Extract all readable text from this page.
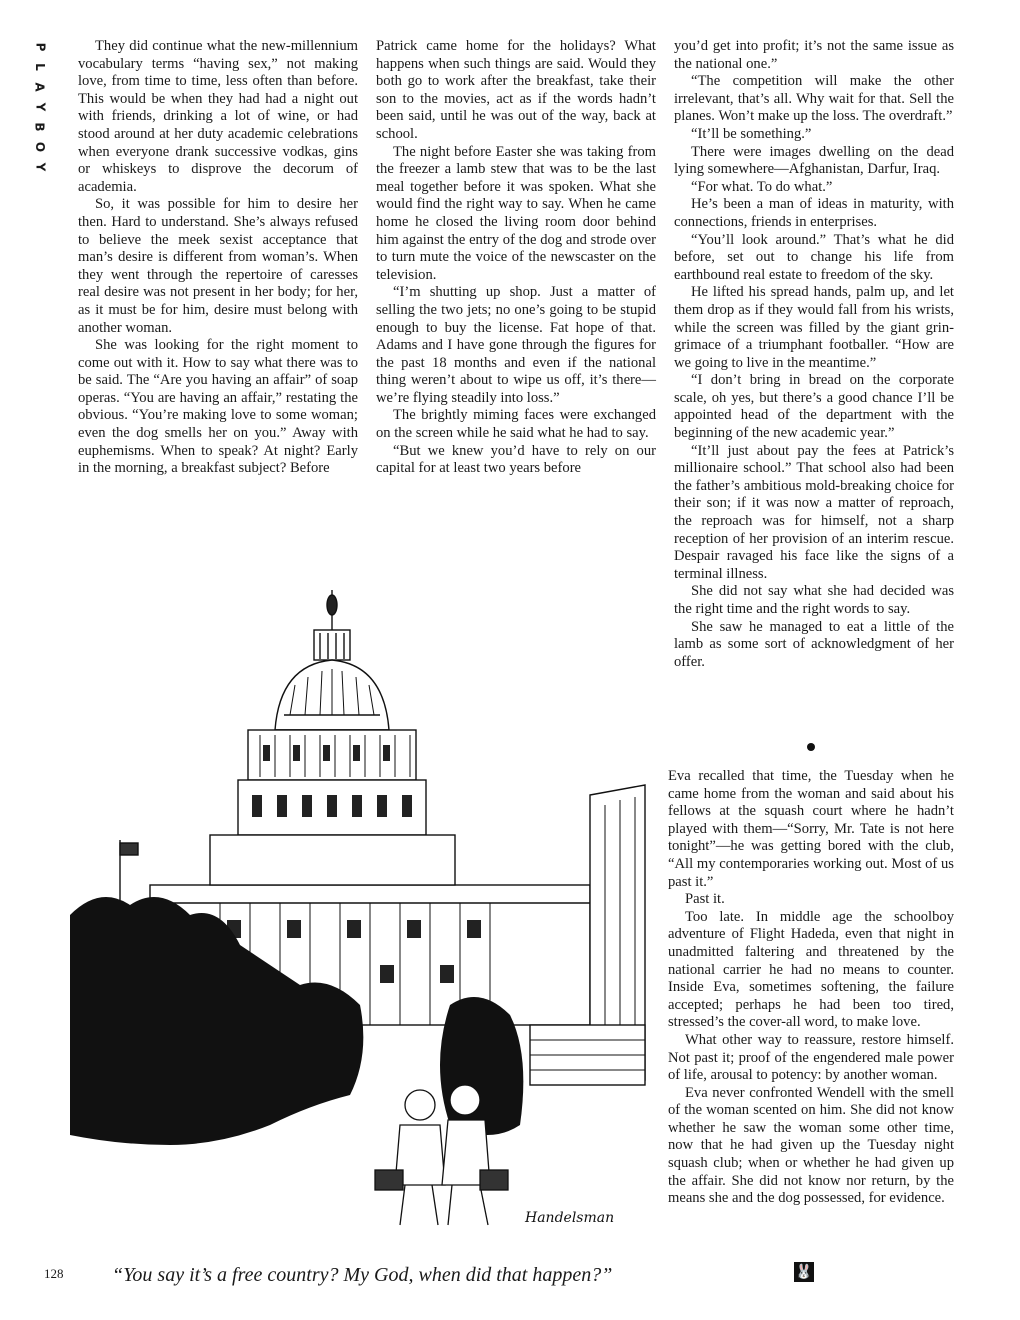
P
L
A
Y
B
O
Y

They did continue what the new-millennium vocabulary terms “having sex,” not making love, from time to time, less often than before. This would be when they had had a night out with friends, drinking a lot of wine, or had stood around at her duty academic celebrations when everyone drank successive vodkas, gins or whiskeys to disprove the decorum of academia.

So, it was possible for him to desire her then. Hard to understand. She’s always refused to believe the meek sexist acceptance that man’s desire is different from woman’s. When they went through the repertoire of caresses real desire was not present in her body; for her, as it must be for him, desire must belong with another woman.

She was looking for the right moment to come out with it. How to say what there was to be said. The “Are you having an affair” of soap operas. “You are having an affair,” restating the obvious. “You’re making love to some woman; even the dog smells her on you.” Away with euphemisms. When to speak? At night? Early in the morning, a breakfast subject? Before

Patrick came home for the holidays? What happens when such things are said. Would they both go to work after the breakfast, take their son to the movies, act as if the words hadn’t been said, until he was out of the way, back at school.

The night before Easter she was taking from the freezer a lamb stew that was to be the last meal together before it was spoken. What she would find the right way to say. When he came home he closed the living room door behind him against the entry of the dog and strode over to turn mute the voice of the newscaster on the television.

“I’m shutting up shop. Just a matter of selling the two jets; no one’s going to be stupid enough to buy the license. Fat hope of that. Adams and I have gone through the figures for the past 18 months and even if the national thing weren’t about to wipe us off, it’s there—we’re flying steadily into loss.”

The brightly miming faces were exchanged on the screen while he said what he had to say.

“But we knew you’d have to rely on our capital for at least two years before

you’d get into profit; it’s not the same issue as the national one.”

“The competition will make the other irrelevant, that’s all. Why wait for that. Sell the planes. Won’t make up the loss. The overdraft.”

“It’ll be something.”

There were images dwelling on the dead lying somewhere—Afghanistan, Darfur, Iraq.

“For what. To do what.”

He’s been a man of ideas in maturity, with connections, friends in enterprises.

“You’ll look around.” That’s what he did before, set out to change his life from earthbound real estate to freedom of the sky.

He lifted his spread hands, palm up, and let them drop as if they would fall from his wrists, while the screen was filled by the giant grin-grimace of a triumphant footballer. “How are we going to live in the meantime.”

“I don’t bring in bread on the corporate scale, oh yes, but there’s a good chance I’ll be appointed head of the department with the beginning of the new academic year.”

“It’ll just about pay the fees at Patrick’s millionaire school.” That school also had been the father’s ambitious mold-breaking choice for their son; if it was now a matter of reproach, the reproach was for himself, not a sharp reception of her provision of an interim rescue. Despair ravaged his face like the signs of a terminal illness.

She did not say what she had decided was the right time and the right words to say.

She saw he managed to eat a little of the lamb as some sort of acknowledgment of her offer.

Eva recalled that time, the Tuesday when he came home from the woman and said about his fellows at the squash court where he hadn’t played with them—“Sorry, Mr. Tate is not here tonight”—he was getting bored with the club, “All my contemporaries working out. Most of us past it.”

Past it.

Too late. In middle age the schoolboy adventure of Flight Hadeda, even that night in unadmitted faltering and threatened by the national carrier he had no means to counter. Inside Eva, sometimes softening, the failure accepted; perhaps he had been too tired, stressed’s the cover-all word, to make love.

What other way to reassure, restore himself. Not past it; proof of the engendered male power of life, arousal to potency: by another woman.

Eva never confronted Wendell with the smell of the woman scented on him. She did not know whether he saw the woman some other time, now that he had given up the Tuesday night squash club; when or whether he had given up the affair. She did not know nor return, by the means she and the dog possessed, for evidence.

Handelsman
128 “You say it’s a free country? My God, when did that happen?”	🐰
